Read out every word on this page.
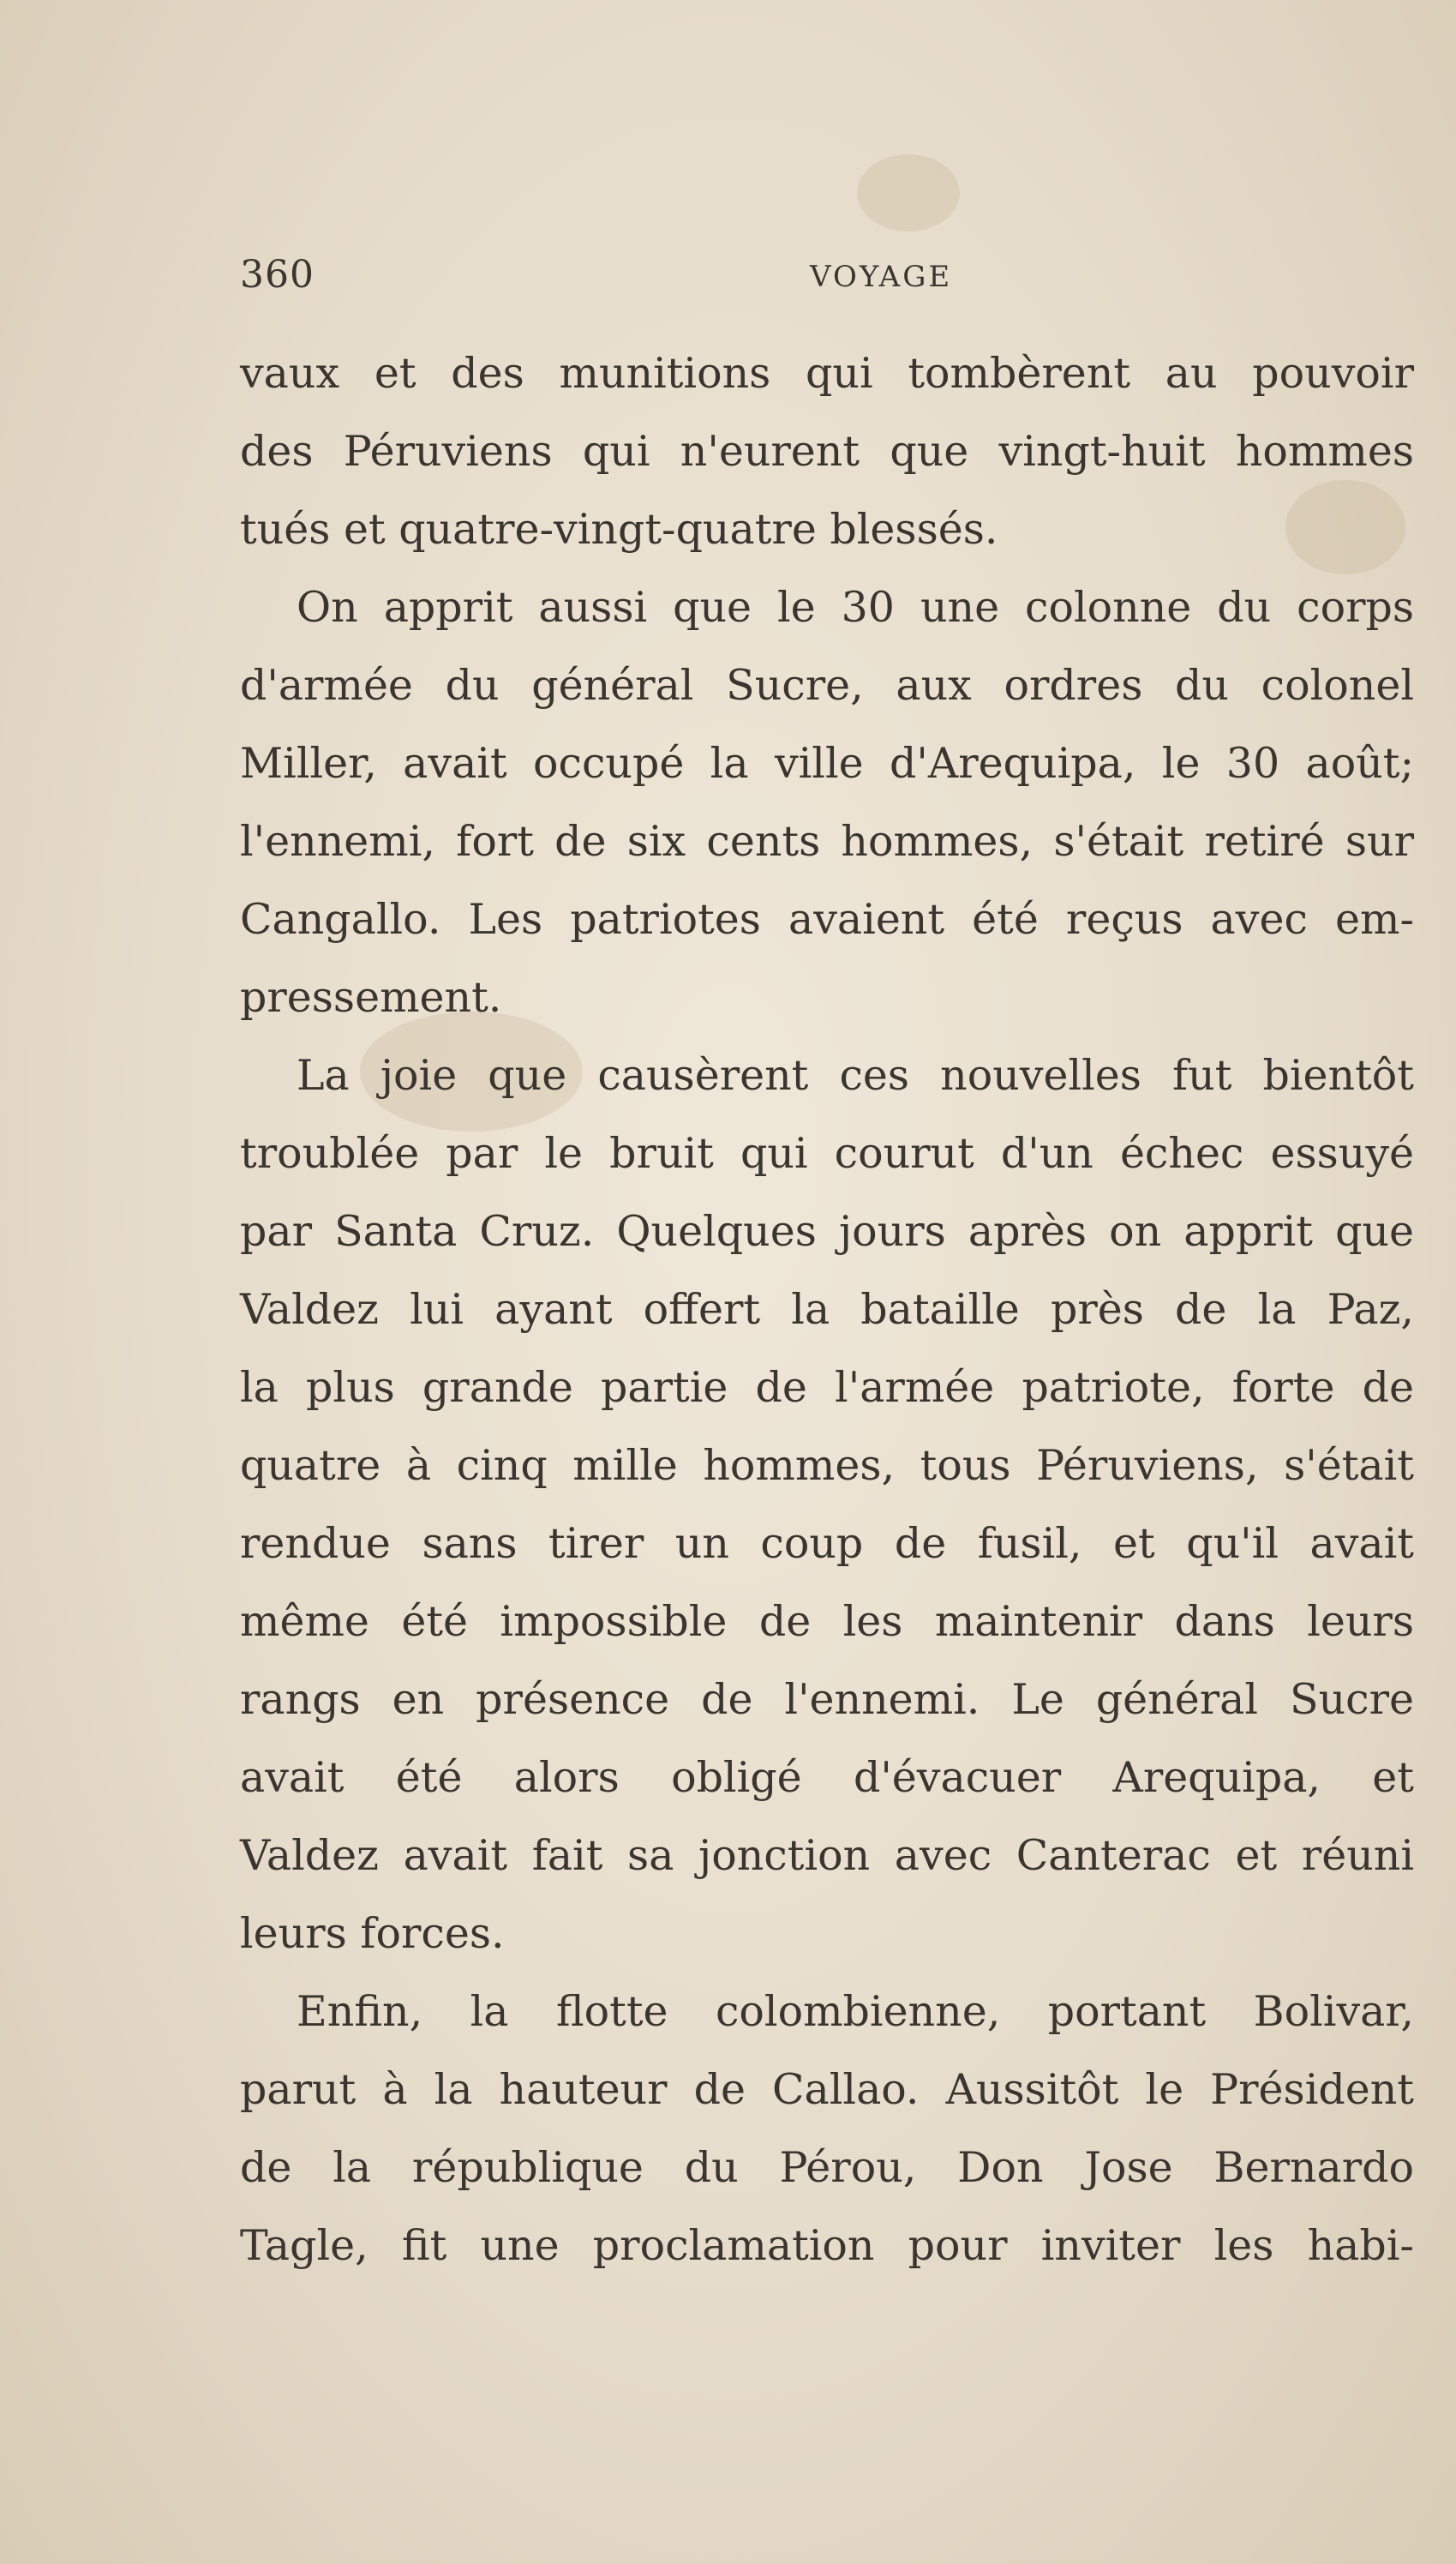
360	VOYAGE
vaux et des munitions qui tombèrent au pouvoir
des Péruviens qui n'eurent que vingt-huit hommes
tués et quatre-vingt-quatre blessés.
On apprit aussi que le 30 une colonne du corps
d'armée du général Sucre, aux ordres du colonel
Miller, avait occupé la ville d'Arequipa, le 30 août;
l'ennemi, fort de six cents hommes, s'était retiré sur
Cangallo. Les patriotes avaient été reçus avec em-
pressement.
La joie que causèrent ces nouvelles fut bientôt
troublée par le bruit qui courut d'un échec essuyé
par Santa Cruz. Quelques jours après on apprit que
Valdez lui ayant offert la bataille près de la Paz,
la plus grande partie de l'armée patriote, forte de
quatre à cinq mille hommes, tous Péruviens, s'était
rendue sans tirer un coup de fusil, et qu'il avait
même été impossible de les maintenir dans leurs
rangs en présence de l'ennemi. Le général Sucre
avait été alors obligé d'évacuer Arequipa, et
Valdez avait fait sa jonction avec Canterac et réuni
leurs forces.
Enfin, la flotte colombienne, portant Bolivar,
parut à la hauteur de Callao. Aussitôt le Président
de la république du Pérou, Don Jose Bernardo
Tagle, fit une proclamation pour inviter les habi-
